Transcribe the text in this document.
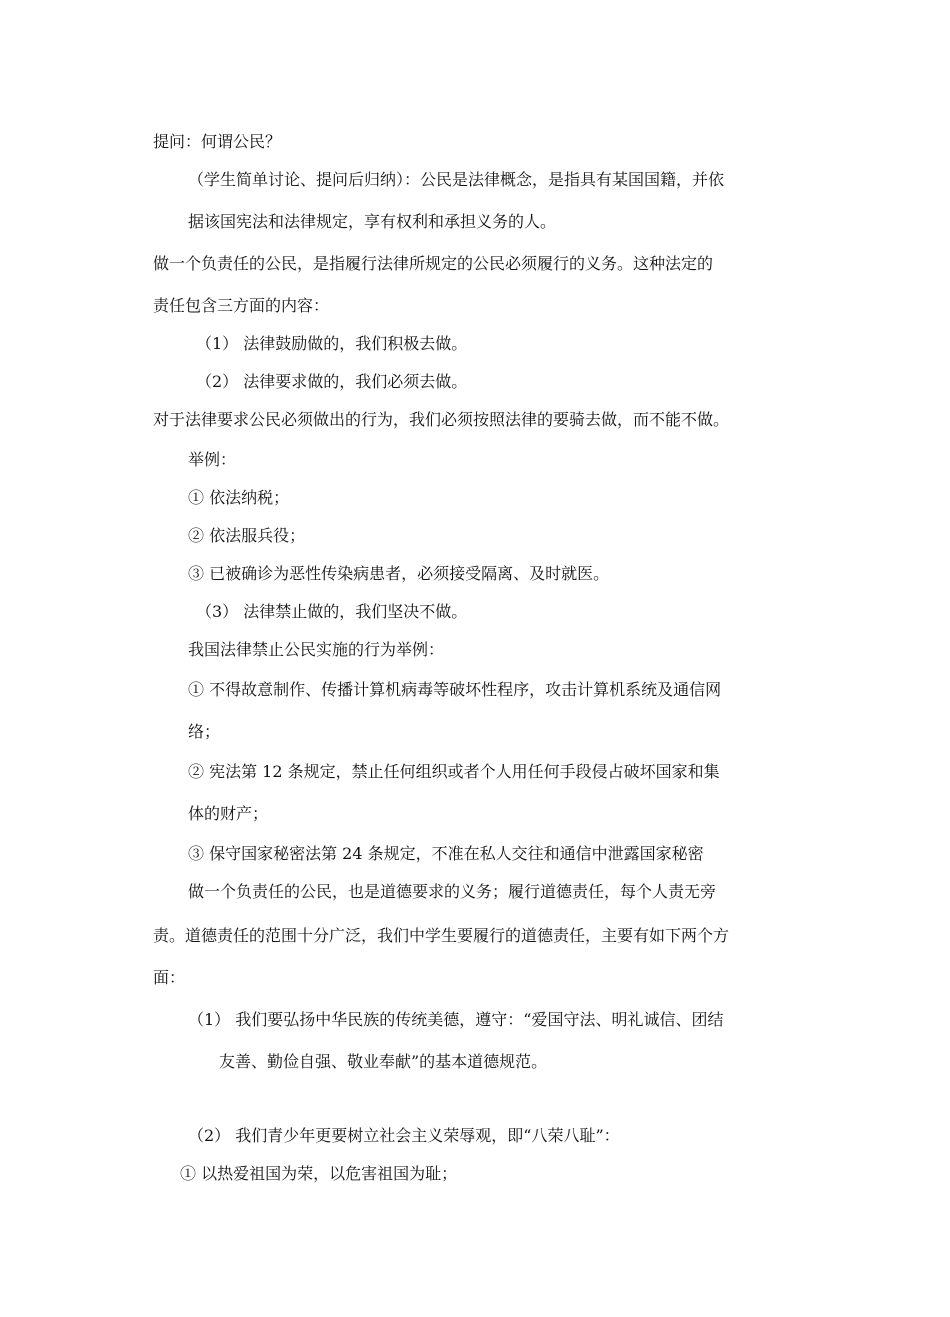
提问：何谓公民？
（学生简单讨论、提问后归纳）：公民是法律概念，是指具有某国国籍，并依
据该国宪法和法律规定，享有权利和承担义务的人。
做一个负责任的公民，是指履行法律所规定的公民必须履行的义务。这种法定的
责任包含三方面的内容：
（1） 法律鼓励做的，我们积极去做。
（2） 法律要求做的，我们必须去做。
对于法律要求公民必须做出的行为，我们必须按照法律的要骑去做，而不能不做。
举例：
① 依法纳税；
② 依法服兵役；
③ 已被确诊为恶性传染病患者，必须接受隔离、及时就医。
（3） 法律禁止做的，我们坚决不做。
我国法律禁止公民实施的行为举例：
① 不得故意制作、传播计算机病毒等破坏性程序，攻击计算机系统及通信网
络；
② 宪法第 12 条规定，禁止任何组织或者个人用任何手段侵占破坏国家和集
体的财产；
③ 保守国家秘密法第 24 条规定，不准在私人交往和通信中泄露国家秘密
做一个负责任的公民，也是道德要求的义务；履行道德责任，每个人责无旁
责。道德责任的范围十分广泛，我们中学生要履行的道德责任，主要有如下两个方
面：
（1） 我们要弘扬中华民族的传统美德，遵守：“爱国守法、明礼诚信、团结
友善、勤俭自强、敬业奉献”的基本道德规范。
（2） 我们青少年更要树立社会主义荣辱观，即“八荣八耻”：
① 以热爱祖国为荣，以危害祖国为耻；
